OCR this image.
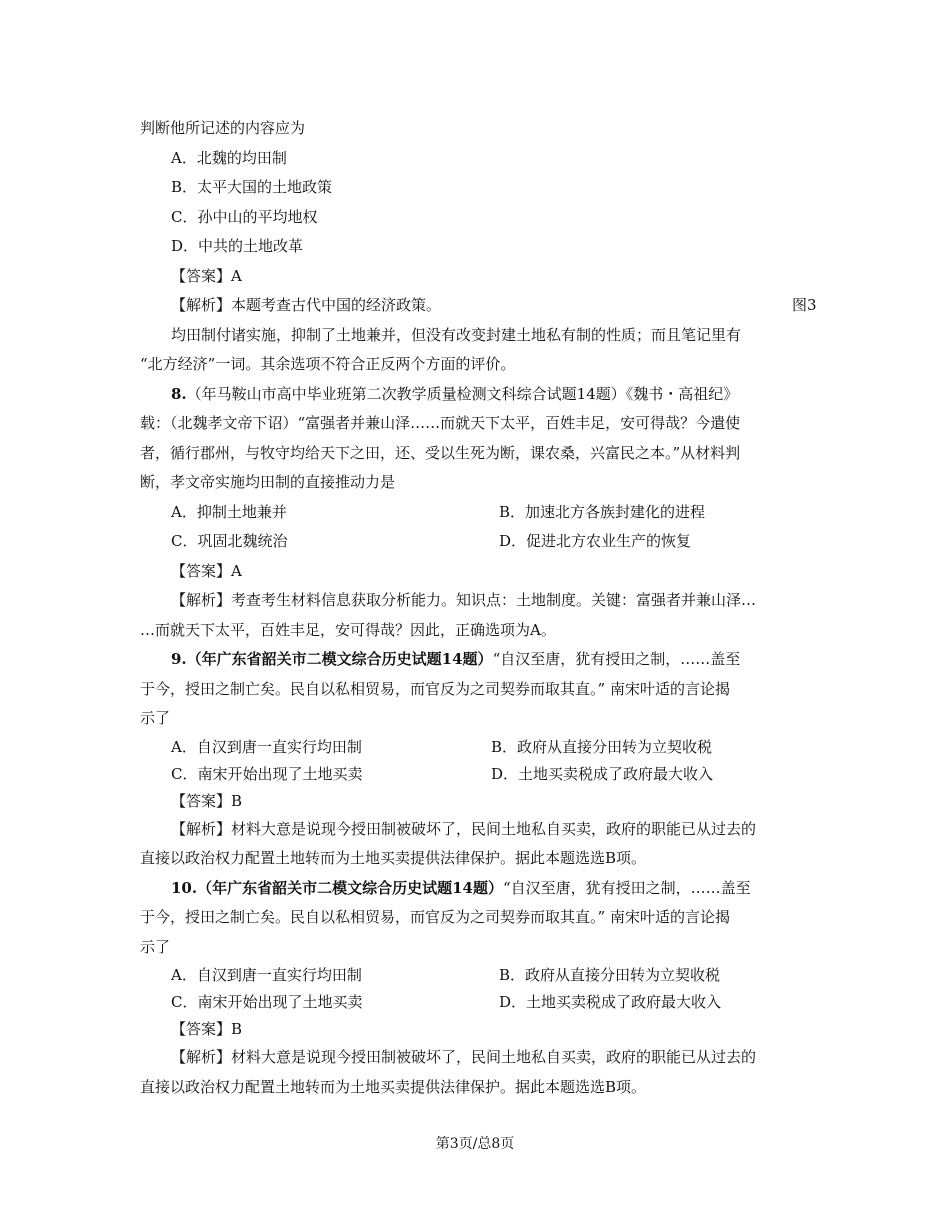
判断他所记述的内容应为
A．北魏的均田制
B．太平大国的土地政策
C．孙中山的平均地权
D．中共的土地改革
【答案】A
【解析】本题考查古代中国的经济政策。	图3
均田制付诸实施，抑制了土地兼并，但没有改变封建土地私有制的性质；而且笔记里有
“北方经济”一词。其余选项不符合正反两个方面的评价。
8.（年马鞍山市高中毕业班第二次教学质量检测文科综合试题14题）《魏书・高祖纪》
载：（北魏孝文帝下诏）“富强者并兼山泽……而就天下太平，百姓丰足，安可得哉？今遣使
者，循行郡州，与牧守均给天下之田，还、受以生死为断，课农桑，兴富民之本。”从材料判
断，孝文帝实施均田制的直接推动力是
A．抑制土地兼并	B．加速北方各族封建化的进程
C．巩固北魏统治	D．促进北方农业生产的恢复
【答案】A
【解析】考查考生材料信息获取分析能力。知识点：土地制度。关键：富强者并兼山泽…
…而就天下太平，百姓丰足，安可得哉？因此，正确选项为A。
9.（年广东省韶关市二模文综合历史试题14题）“自汉至唐，犹有授田之制，……盖至
于今，授田之制亡矣。民自以私相贸易，而官反为之司契券而取其直。” 南宋叶适的言论揭
示了
A．自汉到唐一直实行均田制	B．政府从直接分田转为立契收税
C．南宋开始出现了土地买卖	D．土地买卖税成了政府最大收入
【答案】B
【解析】材料大意是说现今授田制被破坏了，民间土地私自买卖，政府的职能已从过去的
直接以政治权力配置土地转而为土地买卖提供法律保护。据此本题选选B项。
10.（年广东省韶关市二模文综合历史试题14题）“自汉至唐，犹有授田之制，……盖至
于今，授田之制亡矣。民自以私相贸易，而官反为之司契券而取其直。” 南宋叶适的言论揭
示了
A．自汉到唐一直实行均田制	B．政府从直接分田转为立契收税
C．南宋开始出现了土地买卖	D．土地买卖税成了政府最大收入
【答案】B
【解析】材料大意是说现今授田制被破坏了，民间土地私自买卖，政府的职能已从过去的
直接以政治权力配置土地转而为土地买卖提供法律保护。据此本题选选B项。
第3页/总8页
